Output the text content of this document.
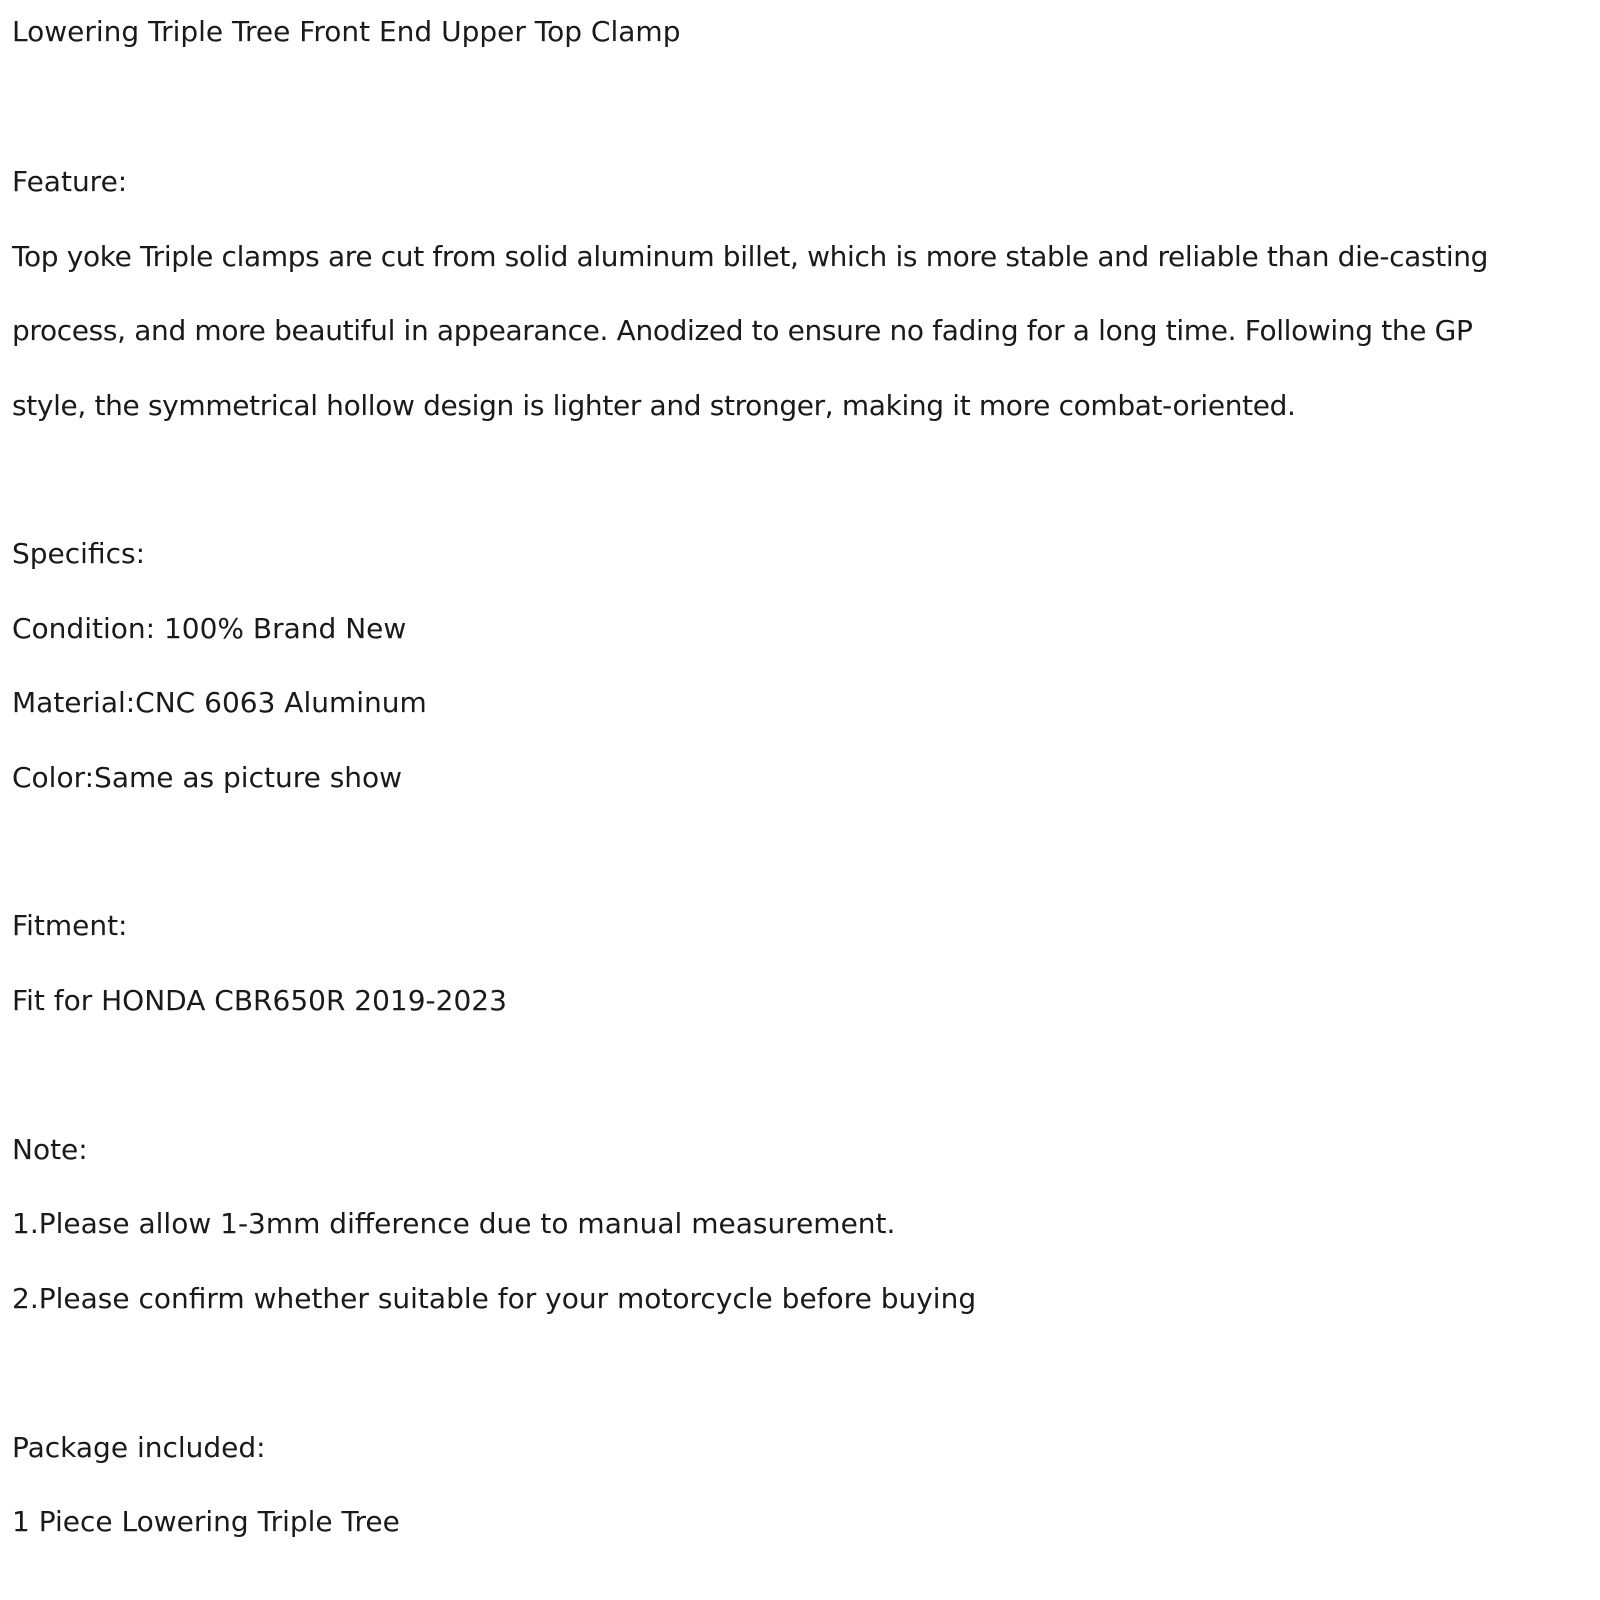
Lowering Triple Tree Front End Upper Top Clamp
Feature:
Top yoke Triple clamps are cut from solid aluminum billet, which is more stable and reliable than die-casting
process, and more beautiful in appearance. Anodized to ensure no fading for a long time. Following the GP
style, the symmetrical hollow design is lighter and stronger, making it more combat-oriented.
Specifics:
Condition: 100% Brand New
Material:CNC 6063 Aluminum
Color:Same as picture show
Fitment:
Fit for HONDA CBR650R 2019-2023
Note:
1.Please allow 1-3mm difference due to manual measurement.
2.Please confirm whether suitable for your motorcycle before buying
Package included:
1 Piece Lowering Triple Tree
